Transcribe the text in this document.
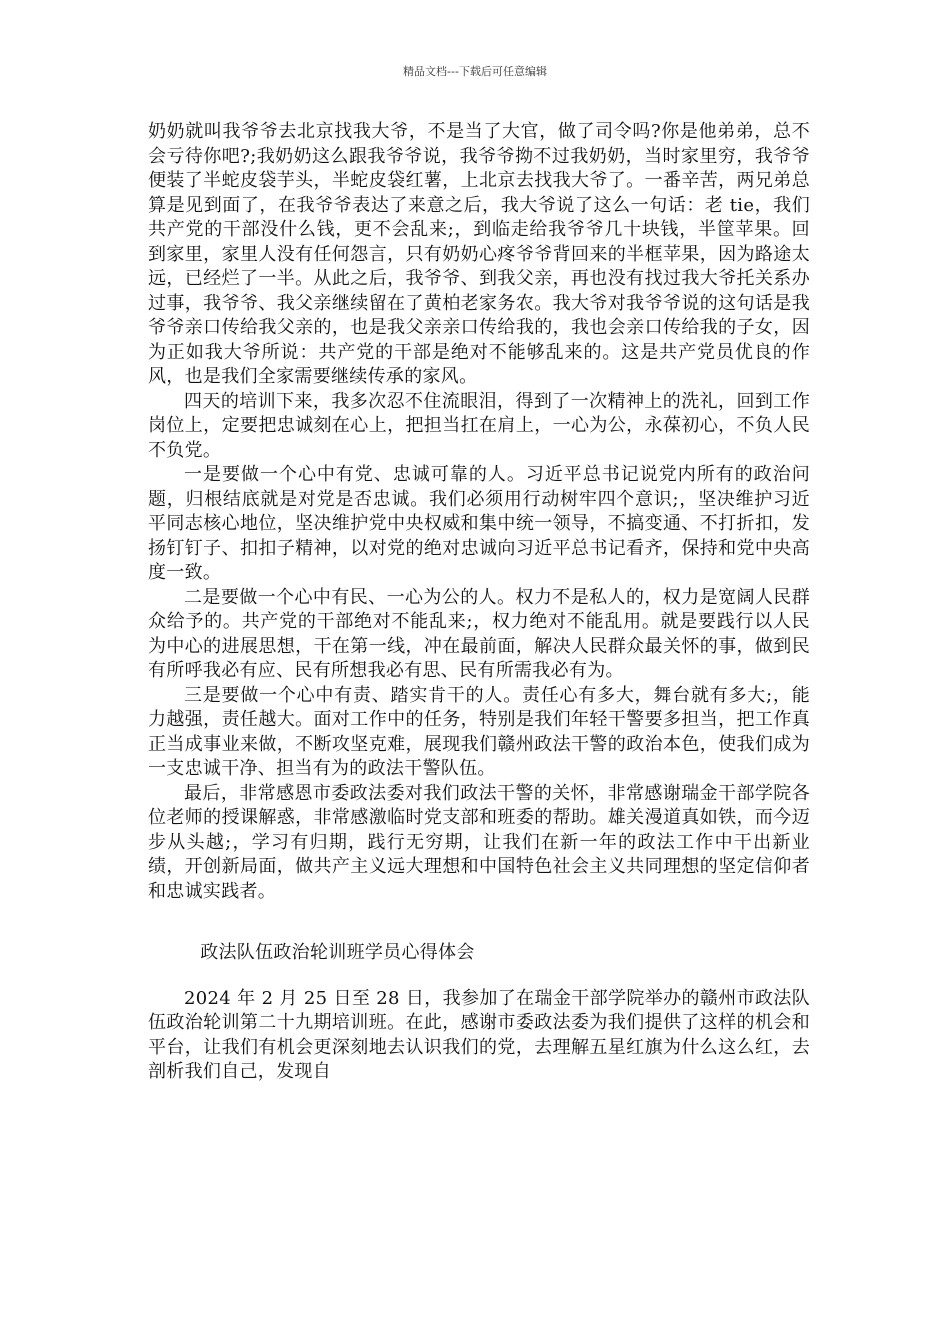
精品文档---下载后可任意编辑

奶奶就叫我爷爷去北京找我大爷，不是当了大官，做了司令吗?你是他弟弟，总不会亏待你吧?;我奶奶这么跟我爷爷说，我爷爷拗不过我奶奶，当时家里穷，我爷爷便装了半蛇皮袋芋头，半蛇皮袋红薯，上北京去找我大爷了。一番辛苦，两兄弟总算是见到面了，在我爷爷表达了来意之后，我大爷说了这么一句话：老 tie，我们共产党的干部没什么钱，更不会乱来;，到临走给我爷爷几十块钱，半筐苹果。回到家里，家里人没有任何怨言，只有奶奶心疼爷爷背回来的半框苹果，因为路途太远，已经烂了一半。从此之后，我爷爷、到我父亲，再也没有找过我大爷托关系办过事，我爷爷、我父亲继续留在了黄柏老家务农。我大爷对我爷爷说的这句话是我爷爷亲口传给我父亲的，也是我父亲亲口传给我的，我也会亲口传给我的子女，因为正如我大爷所说：共产党的干部是绝对不能够乱来的。这是共产党员优良的作风，也是我们全家需要继续传承的家风。

四天的培训下来，我多次忍不住流眼泪，得到了一次精神上的洗礼，回到工作岗位上，定要把忠诚刻在心上，把担当扛在肩上，一心为公，永葆初心，不负人民不负党。

一是要做一个心中有党、忠诚可靠的人。习近平总书记说党内所有的政治问题，归根结底就是对党是否忠诚。我们必须用行动树牢四个意识;，坚决维护习近平同志核心地位，坚决维护党中央权威和集中统一领导，不搞变通、不打折扣，发扬钉钉子、扣扣子精神，以对党的绝对忠诚向习近平总书记看齐，保持和党中央高度一致。

二是要做一个心中有民、一心为公的人。权力不是私人的，权力是宽阔人民群众给予的。共产党的干部绝对不能乱来;，权力绝对不能乱用。就是要践行以人民为中心的进展思想，干在第一线，冲在最前面，解决人民群众最关怀的事，做到民有所呼我必有应、民有所想我必有思、民有所需我必有为。

三是要做一个心中有责、踏实肯干的人。责任心有多大，舞台就有多大;，能力越强，责任越大。面对工作中的任务，特别是我们年轻干警要多担当，把工作真正当成事业来做，不断攻坚克难，展现我们赣州政法干警的政治本色，使我们成为一支忠诚干净、担当有为的政法干警队伍。

最后，非常感恩市委政法委对我们政法干警的关怀，非常感谢瑞金干部学院各位老师的授课解惑，非常感激临时党支部和班委的帮助。雄关漫道真如铁，而今迈步从头越;，学习有归期，践行无穷期，让我们在新一年的政法工作中干出新业绩，开创新局面，做共产主义远大理想和中国特色社会主义共同理想的坚定信仰者和忠诚实践者。

政法队伍政治轮训班学员心得体会

2024 年 2 月 25 日至 28 日，我参加了在瑞金干部学院举办的赣州市政法队伍政治轮训第二十九期培训班。在此，感谢市委政法委为我们提供了这样的机会和平台，让我们有机会更深刻地去认识我们的党，去理解五星红旗为什么这么红，去剖析我们自己，发现自
